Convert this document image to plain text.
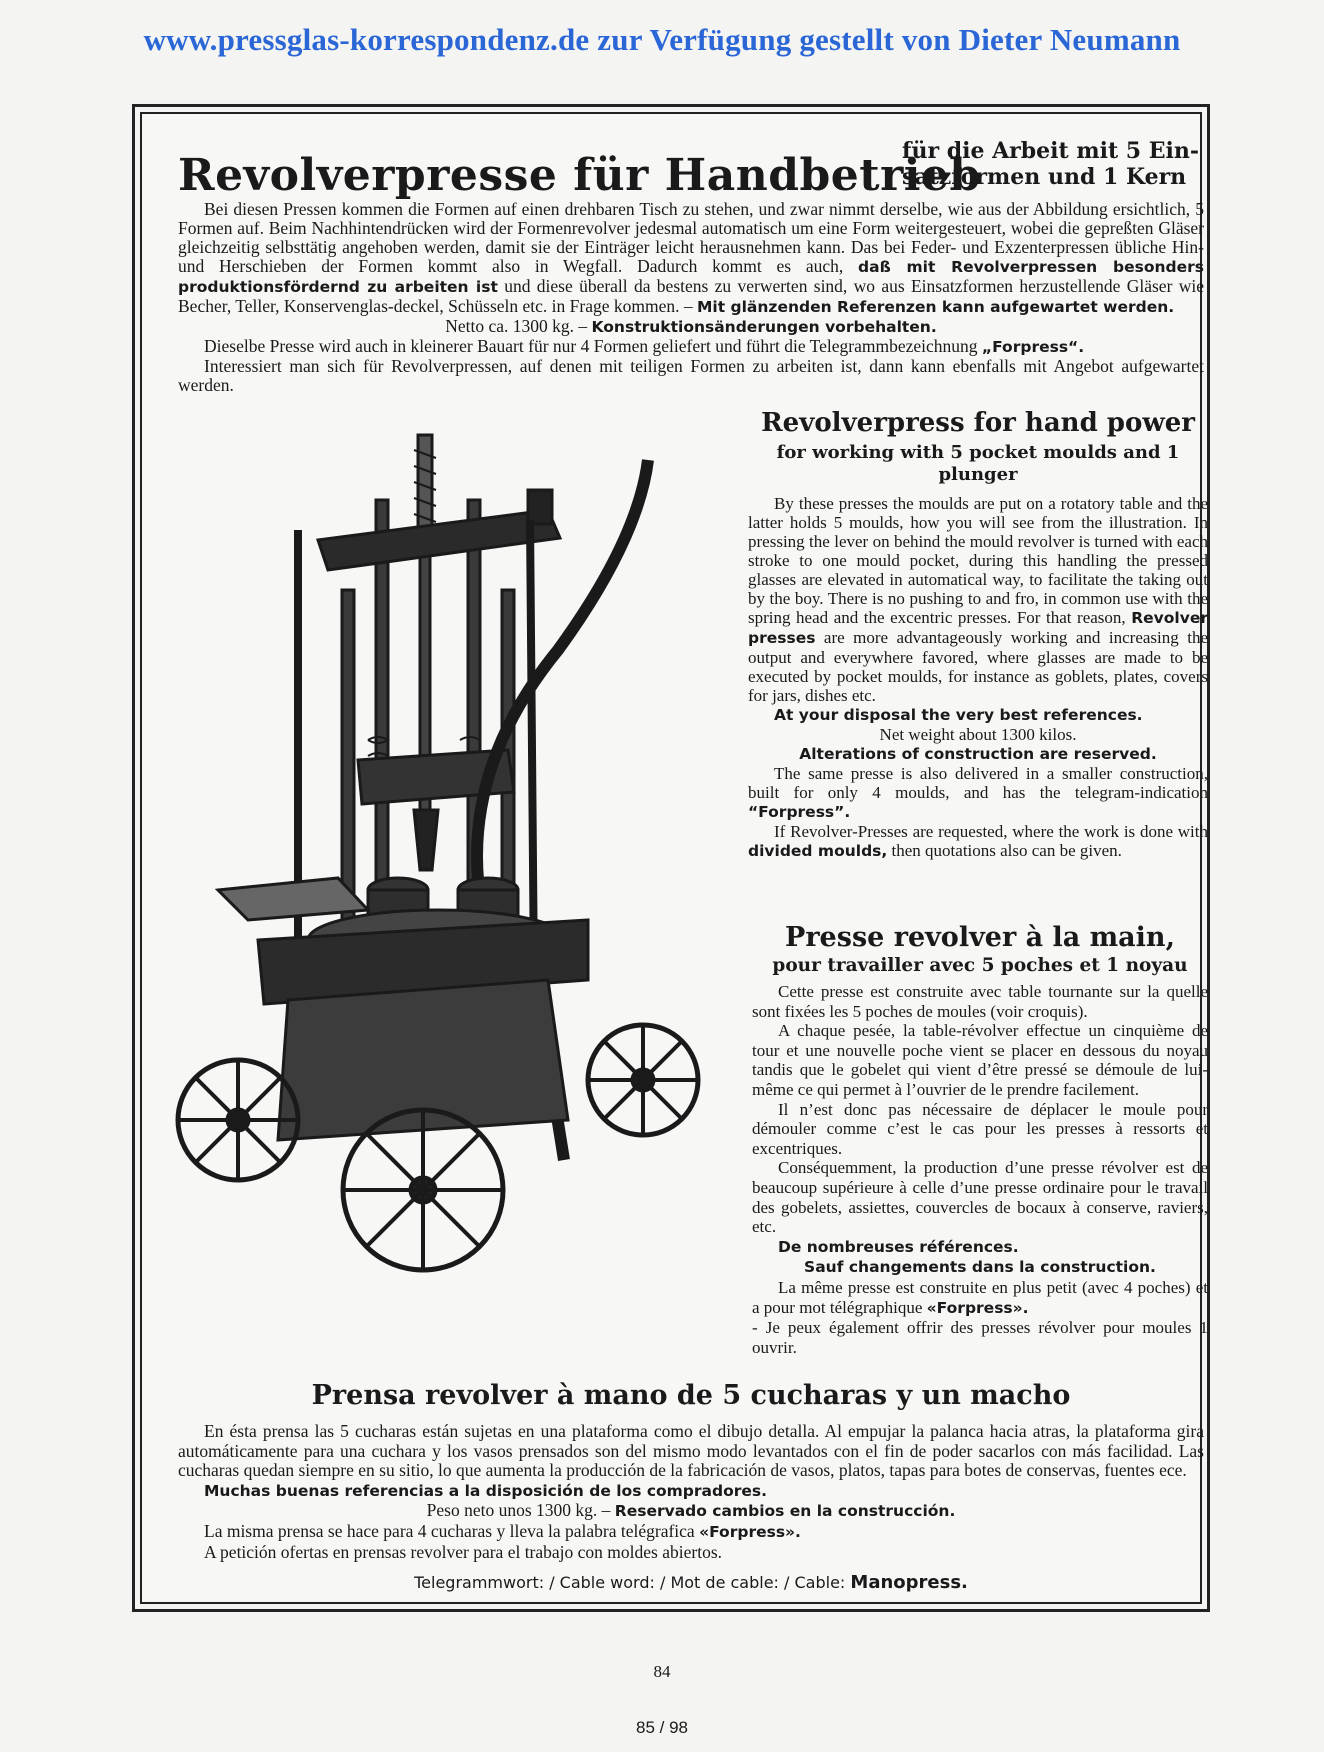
www.pressglas-korrespondenz.de zur Verfügung gestellt von Dieter Neumann
Revolverpresse für Handbetrieb
für die Arbeit mit 5 Ein-satzformen und 1 Kern

Bei diesen Pressen kommen die Formen auf einen drehbaren Tisch zu stehen, und zwar nimmt derselbe, wie aus der Abbildung ersichtlich, 5 Formen auf. Beim Nachhintendrücken wird der Formenrevolver jedesmal automatisch um eine Form weitergesteuert, wobei die gepreßten Gläser gleichzeitig selbsttätig angehoben werden, damit sie der Einträger leicht herausnehmen kann. Das bei Feder- und Exzenterpressen übliche Hin- und Herschieben der Formen kommt also in Wegfall. Dadurch kommt es auch, daß mit Revolverpressen besonders produktionsfördernd zu arbeiten ist und diese überall da bestens zu verwerten sind, wo aus Einsatzformen herzustellende Gläser wie Becher, Teller, Konservenglas-deckel, Schüsseln etc. in Frage kommen. – Mit glänzenden Referenzen kann aufgewartet werden.

Netto ca. 1300 kg. – Konstruktionsänderungen vorbehalten.

Dieselbe Presse wird auch in kleinerer Bauart für nur 4 Formen geliefert und führt die Telegrammbezeichnung „Forpress“.

Interessiert man sich für Revolverpressen, auf denen mit teiligen Formen zu arbeiten ist, dann kann ebenfalls mit Angebot aufgewartet werden.

Revolverpress for hand power

for working with 5 pocket moulds and 1 plunger

By these presses the moulds are put on a rotatory table and the latter holds 5 moulds, how you will see from the illustration. In pressing the lever on behind the mould revolver is turned with each stroke to one mould pocket, during this handling the pressed glasses are elevated in automatical way, to facilitate the taking out by the boy. There is no pushing to and fro, in common use with the spring head and the excentric presses. For that reason, Revolver presses are more advantageously working and increasing the output and everywhere favored, where glasses are made to be executed by pocket moulds, for instance as goblets, plates, covers for jars, dishes etc.

At your disposal the very best references.

Net weight about 1300 kilos.

Alterations of construction are reserved.

The same presse is also delivered in a smaller construction, built for only 4 moulds, and has the telegram-indication “Forpress”.

If Revolver-Presses are requested, where the work is done with divided moulds, then quotations also can be given.

Presse revolver à la main,

pour travailler avec 5 poches et 1 noyau

Cette presse est construite avec table tournante sur la quelle sont fixées les 5 poches de moules (voir croquis).

A chaque pesée, la table-révolver effectue un cinquième de tour et une nouvelle poche vient se placer en dessous du noyau tandis que le gobelet qui vient d’être pressé se démoule de lui-même ce qui permet à l’ouvrier de le prendre facilement.

Il n’est donc pas nécessaire de déplacer le moule pour démouler comme c’est le cas pour les presses à ressorts et excentriques.

Conséquemment, la production d’une presse révolver est de beaucoup supérieure à celle d’une presse ordinaire pour le travail des gobelets, assiettes, couvercles de bocaux à conserve, raviers, etc.

De nombreuses références.

Sauf changements dans la construction.

La même presse est construite en plus petit (avec 4 poches) et a pour mot télégraphique «Forpress».

- Je peux également offrir des presses révolver pour moules 1 ouvrir.

Prensa revolver à mano de 5 cucharas y un macho

En ésta prensa las 5 cucharas están sujetas en una plataforma como el dibujo detalla. Al empujar la palanca hacia atras, la plataforma gira automáticamente para una cuchara y los vasos prensados son del mismo modo levantados con el fin de poder sacarlos con más facilidad. Las cucharas quedan siempre en su sitio, lo que aumenta la producción de la fabricación de vasos, platos, tapas para botes de conservas, fuentes ece.

Muchas buenas referencias a la disposición de los compradores.

Peso neto unos 1300 kg. – Reservado cambios en la construcción.

La misma prensa se hace para 4 cucharas y lleva la palabra telégrafica «Forpress».

A petición ofertas en prensas revolver para el trabajo con moldes abiertos.

Telegrammwort: / Cable word: / Mot de cable: / Cable: Manopress.
84
85 / 98
